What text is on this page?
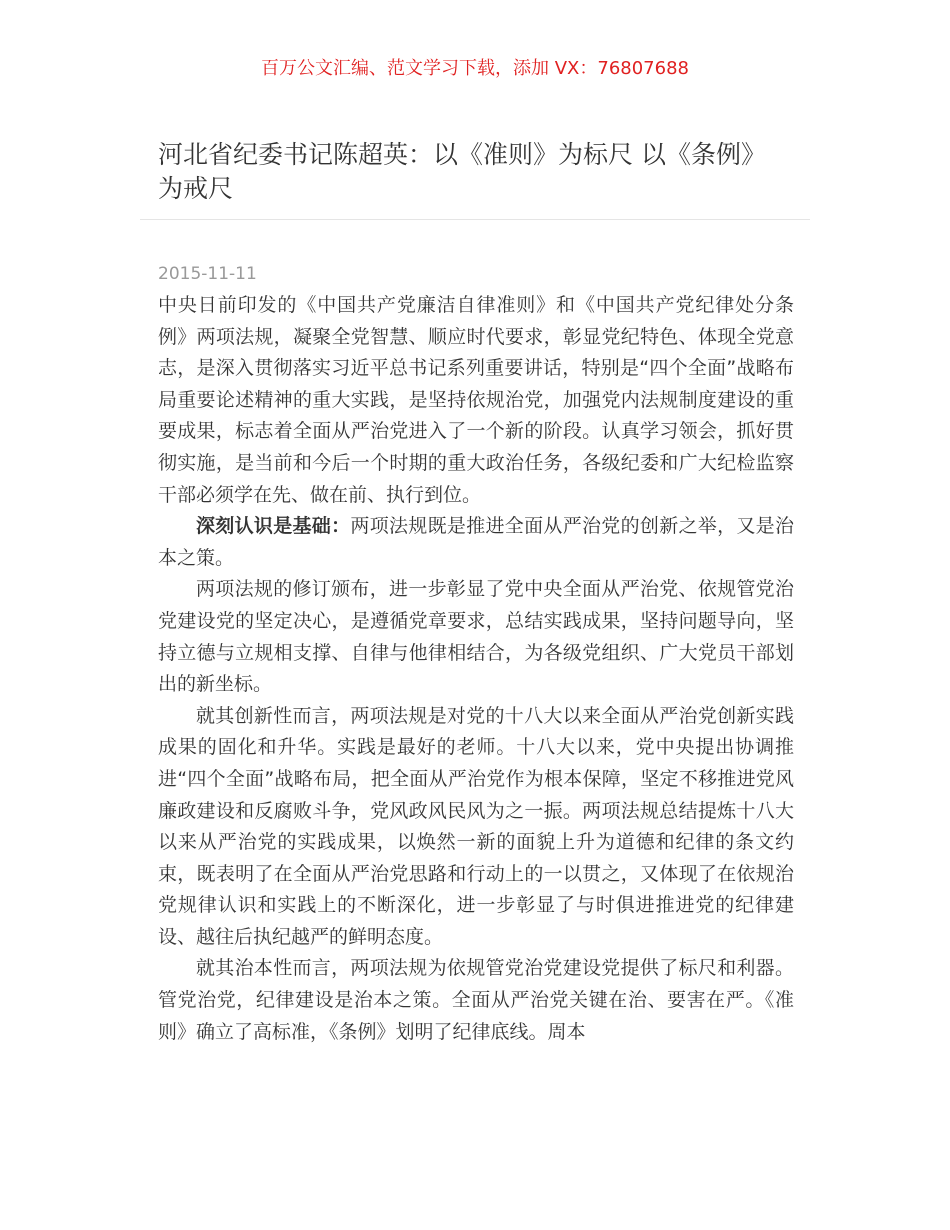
百万公文汇编、范文学习下载，添加 VX：76807688
河北省纪委书记陈超英：以《准则》为标尺 以《条例》为戒尺
2015-11-11

中央日前印发的《中国共产党廉洁自律准则》和《中国共产党纪律处分条例》两项法规，凝聚全党智慧、顺应时代要求，彰显党纪特色、体现全党意志，是深入贯彻落实习近平总书记系列重要讲话，特别是“四个全面”战略布局重要论述精神的重大实践，是坚持依规治党，加强党内法规制度建设的重要成果，标志着全面从严治党进入了一个新的阶段。认真学习领会，抓好贯彻实施，是当前和今后一个时期的重大政治任务，各级纪委和广大纪检监察干部必须学在先、做在前、执行到位。

深刻认识是基础：两项法规既是推进全面从严治党的创新之举，又是治本之策。

两项法规的修订颁布，进一步彰显了党中央全面从严治党、依规管党治党建设党的坚定决心，是遵循党章要求，总结实践成果，坚持问题导向，坚持立德与立规相支撑、自律与他律相结合，为各级党组织、广大党员干部划出的新坐标。

就其创新性而言，两项法规是对党的十八大以来全面从严治党创新实践成果的固化和升华。实践是最好的老师。十八大以来，党中央提出协调推进“四个全面”战略布局，把全面从严治党作为根本保障，坚定不移推进党风廉政建设和反腐败斗争，党风政风民风为之一振。两项法规总结提炼十八大以来从严治党的实践成果，以焕然一新的面貌上升为道德和纪律的条文约束，既表明了在全面从严治党思路和行动上的一以贯之，又体现了在依规治党规律认识和实践上的不断深化，进一步彰显了与时俱进推进党的纪律建设、越往后执纪越严的鲜明态度。

就其治本性而言，两项法规为依规管党治党建设党提供了标尺和利器。管党治党，纪律建设是治本之策。全面从严治党关键在治、要害在严。《准则》确立了高标准，《条例》划明了纪律底线。周本
